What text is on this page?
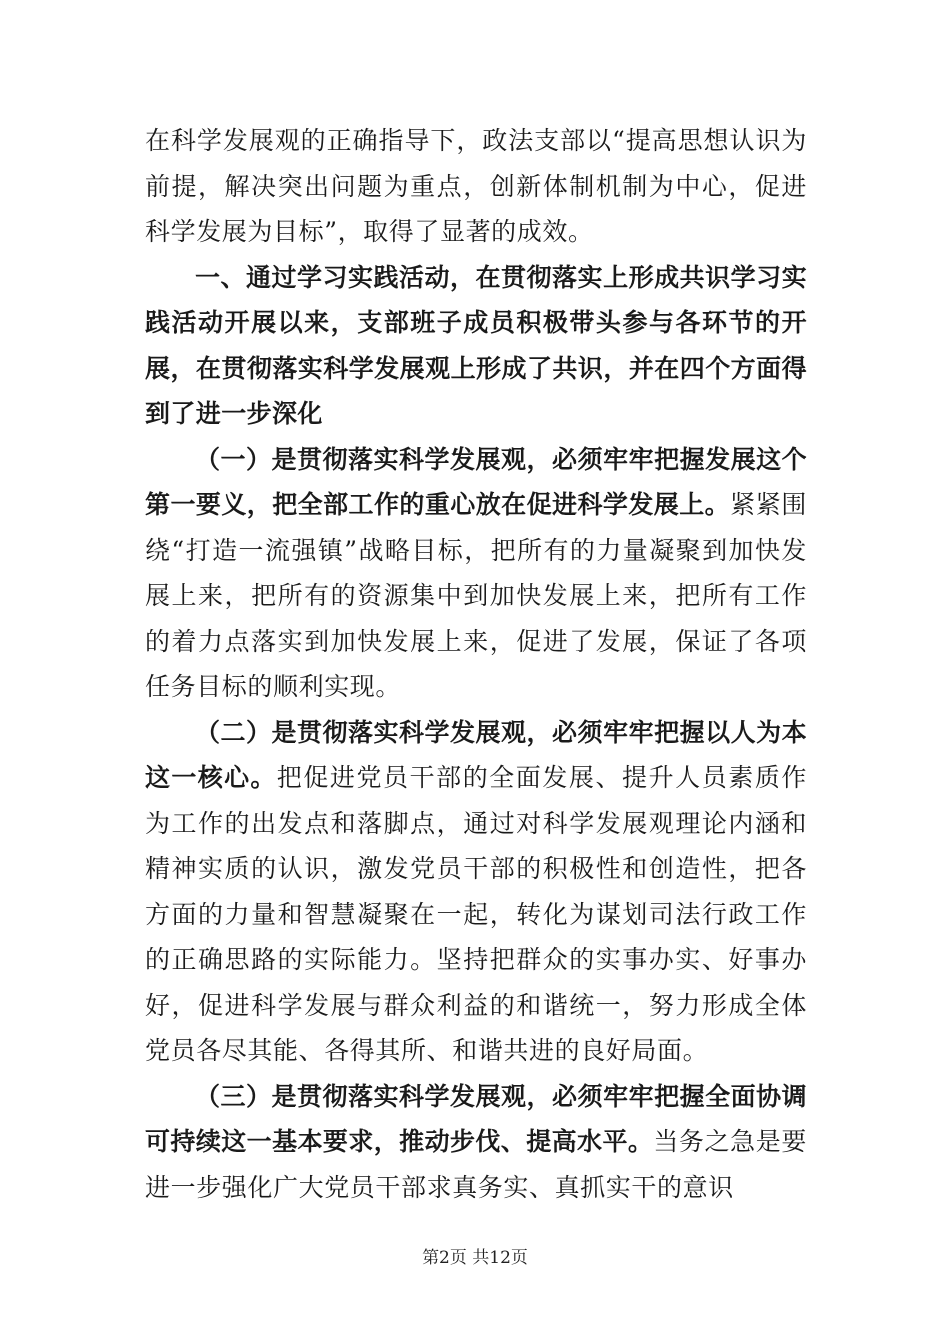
在科学发展观的正确指导下，政法支部以“提高思想认识为前提，解决突出问题为重点，创新体制机制为中心，促进科学发展为目标”，取得了显著的成效。

一、通过学习实践活动，在贯彻落实上形成共识学习实践活动开展以来，支部班子成员积极带头参与各环节的开展，在贯彻落实科学发展观上形成了共识，并在四个方面得到了进一步深化

（一）是贯彻落实科学发展观，必须牢牢把握发展这个第一要义，把全部工作的重心放在促进科学发展上。紧紧围绕“打造一流强镇”战略目标，把所有的力量凝聚到加快发展上来，把所有的资源集中到加快发展上来，把所有工作的着力点落实到加快发展上来，促进了发展，保证了各项任务目标的顺利实现。

（二）是贯彻落实科学发展观，必须牢牢把握以人为本这一核心。把促进党员干部的全面发展、提升人员素质作为工作的出发点和落脚点，通过对科学发展观理论内涵和精神实质的认识，激发党员干部的积极性和创造性，把各方面的力量和智慧凝聚在一起，转化为谋划司法行政工作的正确思路的实际能力。坚持把群众的实事办实、好事办好，促进科学发展与群众利益的和谐统一，努力形成全体党员各尽其能、各得其所、和谐共进的良好局面。

（三）是贯彻落实科学发展观，必须牢牢把握全面协调可持续这一基本要求，推动步伐、提高水平。当务之急是要进一步强化广大党员干部求真务实、真抓实干的意识

第2页 共12页
